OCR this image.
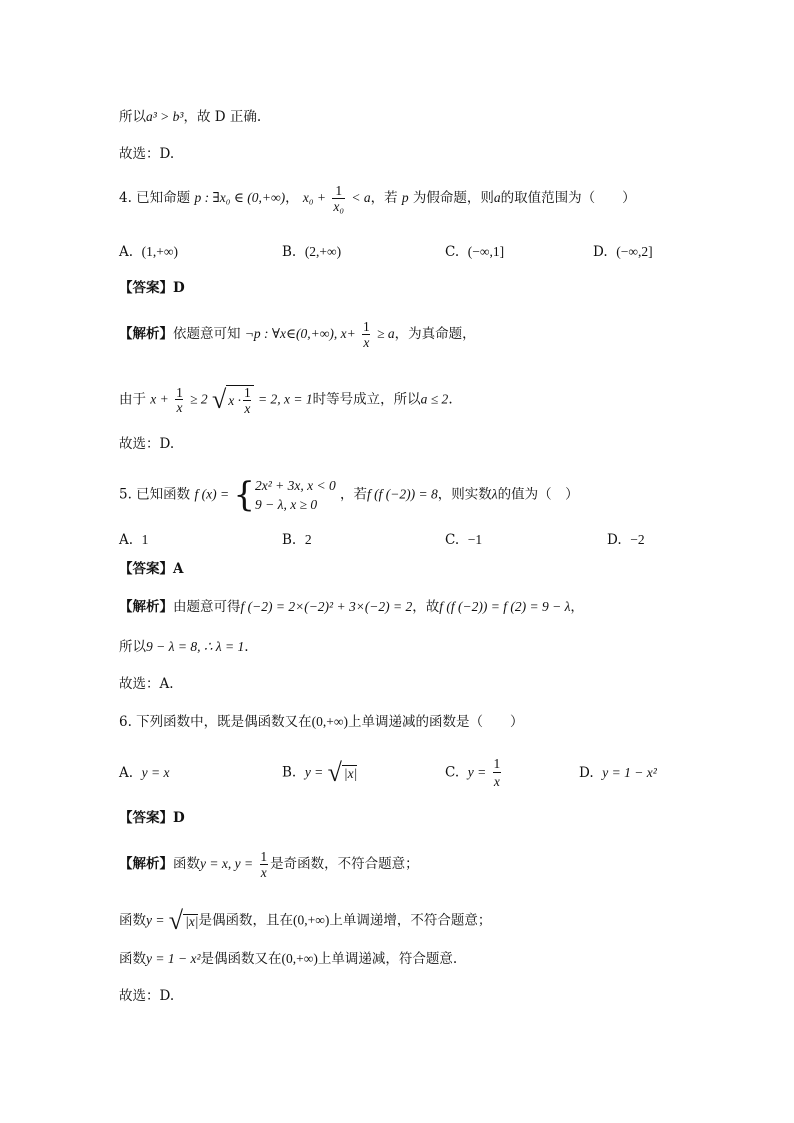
所以a³ > b³，故 D 正确.
故选：D.
4. 已知命题 p : ∃x₀ ∈ (0,+∞)， $x_0 + \frac{1}{\text{x₀}} < a$，若 p 为假命题，则a的取值范围为（　　）
A. (1,+∞)	B. (2,+∞)	C. (−∞,1]	D. (−∞,2]
【答案】D
【解析】依题意可知 ¬p : ∀x∈(0,+∞), $x+ \frac{1}{x} \ge a$，为真命题，
由于 $x + \frac{1}{x} \ge 2$ √ $x \cdot \frac{1}{x} = 2$, x = 1时等号成立，所以a ≤ 2.
故选：D.
5. 已知函数 f (x) = { 2x² + 3x, x < 0
9 − λ, x ≥ 0
，若f (f (−2)) = 8，则实数λ的值为（　）
A. 1	B. 2	C. −1	D. −2
【答案】A
【解析】由题意可得f (−2) = 2×(−2)² + 3×(−2) = 2，故f (f (−2)) = f (2) = 9 − λ，
所以9 − λ = 8, ∴ λ = 1.
故选：A.
6. 下列函数中，既是偶函数又在(0,+∞)上单调递减的函数是（　　）
A. y = x	B. y = √ |x|	C. $y = \frac{1}{x}$	D. y = 1 − x²
【答案】D
【解析】函数y = x, $y = \frac{1}{x}$ 是奇函数，不符合题意；
函数y = √ |x| 是偶函数，且在(0,+∞)上单调递增，不符合题意；
函数y = 1 − x²是偶函数又在(0,+∞)上单调递减，符合题意.
故选：D.
